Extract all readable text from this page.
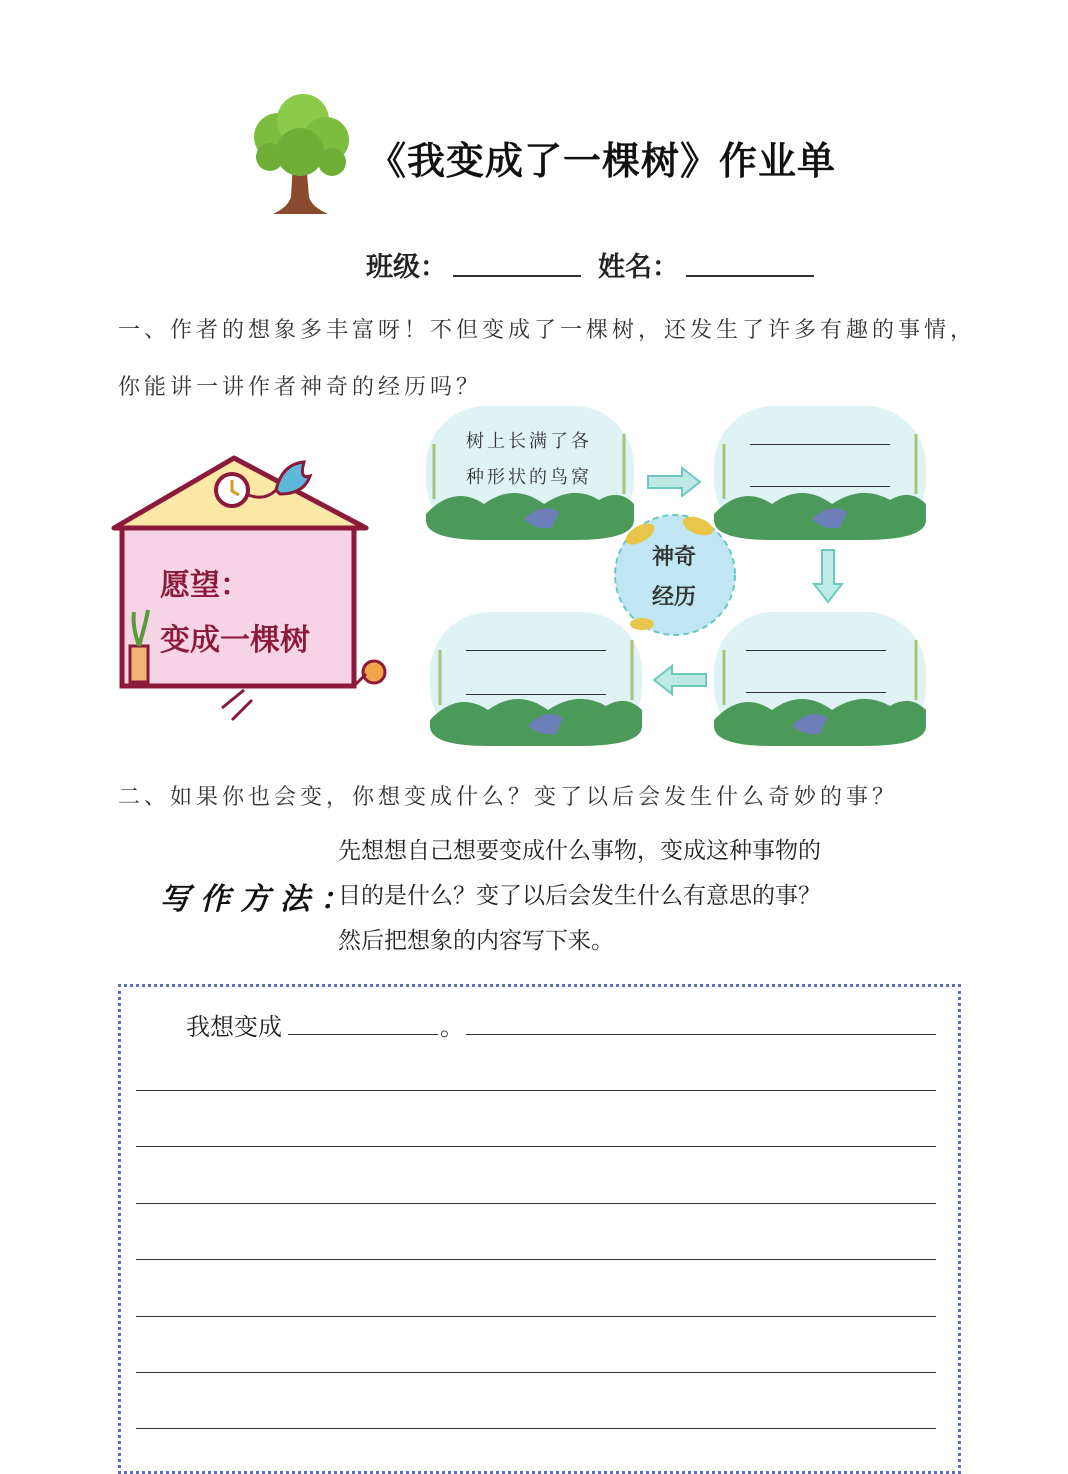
《我变成了一棵树》作业单
班级：	姓名：
一、作者的想象多丰富呀！不但变成了一棵树，还发生了许多有趣的事情，
你能讲一讲作者神奇的经历吗？
愿望：
变成一棵树
树上长满了各
种形状的鸟窝
神奇
经历
二、如果你也会变，你想变成什么？变了以后会发生什么奇妙的事？
写作方法：
先想想自己想要变成什么事物，变成这种事物的
目的是什么？变了以后会发生什么有意思的事？
然后把想象的内容写下来。
我想变成	。
